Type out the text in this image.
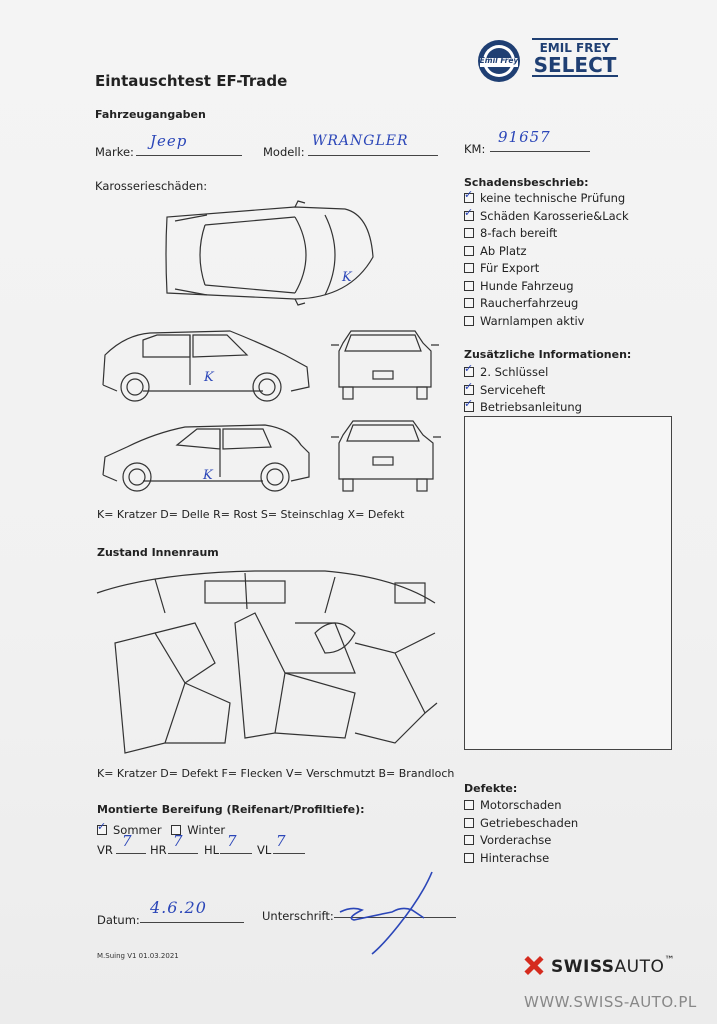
Eintauschtest EF-Trade
Emil Frey
EMIL FREY
SELECT
Fahrzeugangaben
Marke:
Jeep
Modell:
WRANGLER	KM:
91657
Karosserieschäden:
K
K
K
K= Kratzer D= Delle R= Rost S= Steinschlag X= Defekt
Schadensbeschrieb:
✓keine technische Prüfung
✓Schäden Karosserie&Lack
8-fach bereift
Ab Platz
Für Export
Hunde Fahrzeug
Raucherfahrzeug
Warnlampen aktiv
Zusätzliche Informationen:
✓2. Schlüssel
✓Serviceheft
✓Betriebsanleitung
Zustand Innenraum
K= Kratzer D= Defekt F= Flecken V= Verschmutzt B= Brandloch
Montierte Bereifung (Reifenart/Profiltiefe):
✓Sommer Winter
VR 7 HR 7 HL 7 VL 7
Defekte:
Motorschaden
Getriebeschaden
Vorderachse
Hinterachse
Datum:
4.6.20	Unterschrift:
M.Suing V1 01.03.2021
SWISSAUTO™
WWW.SWISS-AUTO.PL
